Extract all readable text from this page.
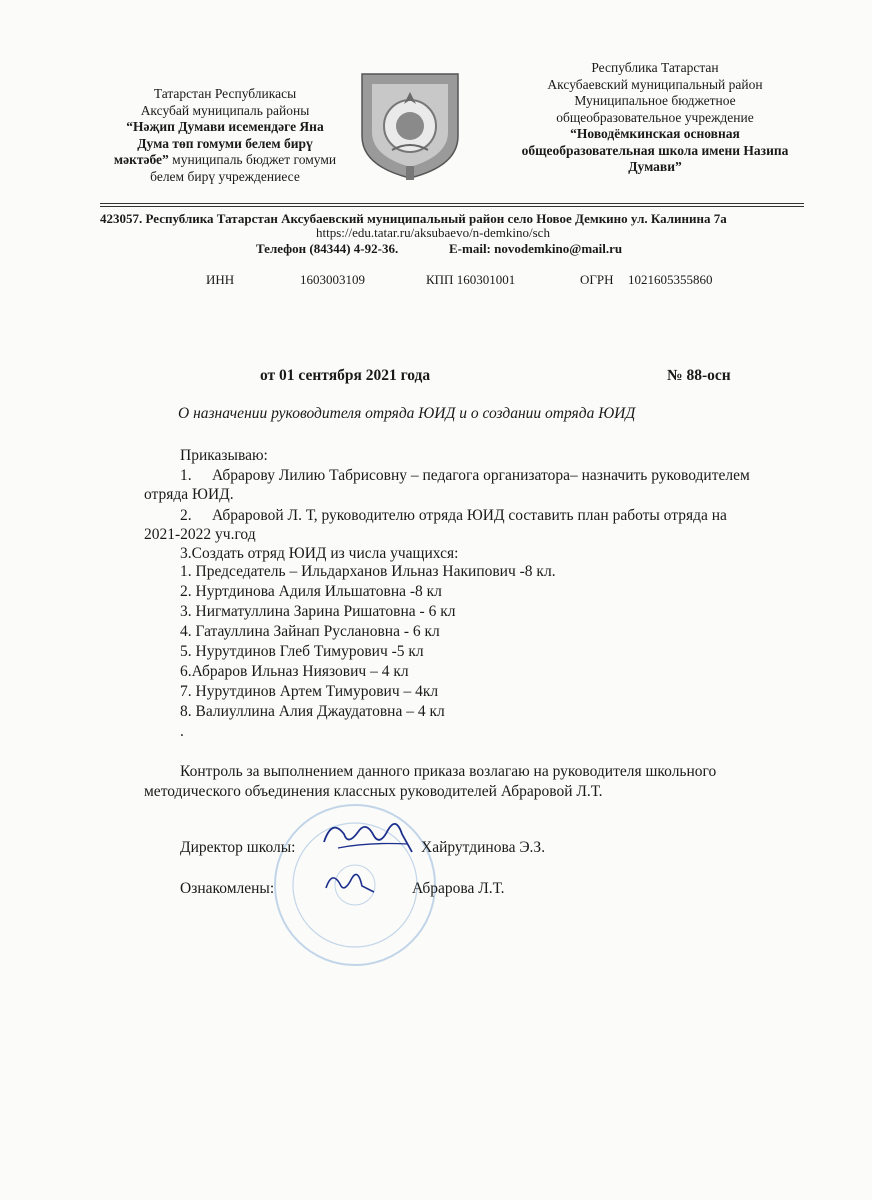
Татарстан Республикасы
Аксубай муниципаль районы
“Нәҗип Думави исемендәге Яна
Дума төп гомуми белем бирү
мәктәбе” муниципаль бюджет гомуми
белем бирү учреждениесе
Республика Татарстан
Аксубаевский муниципальный район
Муниципальное бюджетное
общеобразовательное учреждение
“Новодёмкинская основная
общеобразовательная школа имени Назипа
Думави”
423057. Республика Татарстан Аксубаевский муниципальный район село Новое Демкино ул. Калинина 7а
https://edu.tatar.ru/aksubaevo/n-demkino/sch
Телефон (84344) 4-92-36.	E-mail: novodemkino@mail.ru
ИНН	1603003109	КПП 160301001	ОГРН 1021605355860
от 01 сентября 2021 года	№ 88-осн
О назначении руководителя отряда ЮИД и о создании отряда ЮИД
Приказываю:
1. Абрарову Лилию Табрисовну – педагога организатора– назначить руководителем
отряда ЮИД.
2. Абраровой Л. Т, руководителю отряда ЮИД составить план работы отряда на
2021-2022 уч.год
3.Создать отряд ЮИД из числа учащихся:
1. Председатель – Ильдарханов Ильназ Накипович -8 кл.
2. Нуртдинова Адиля Ильшатовна -8 кл
3. Нигматуллина Зарина Ришатовна - 6 кл
4. Гатауллина Зайнап Руслановна - 6 кл
5. Нурутдинов Глеб Тимурович -5 кл
6.Абраров Ильназ Ниязович – 4 кл
7. Нурутдинов Артем Тимурович – 4кл
8. Валиуллина Алия Джаудатовна – 4 кл
.
Контроль за выполнением данного приказа возлагаю на руководителя школьного
методического объединения классных руководителей Абраровой Л.Т.
Директор школы:	Хайрутдинова Э.З.
Ознакомлены:	Абрарова Л.Т.
